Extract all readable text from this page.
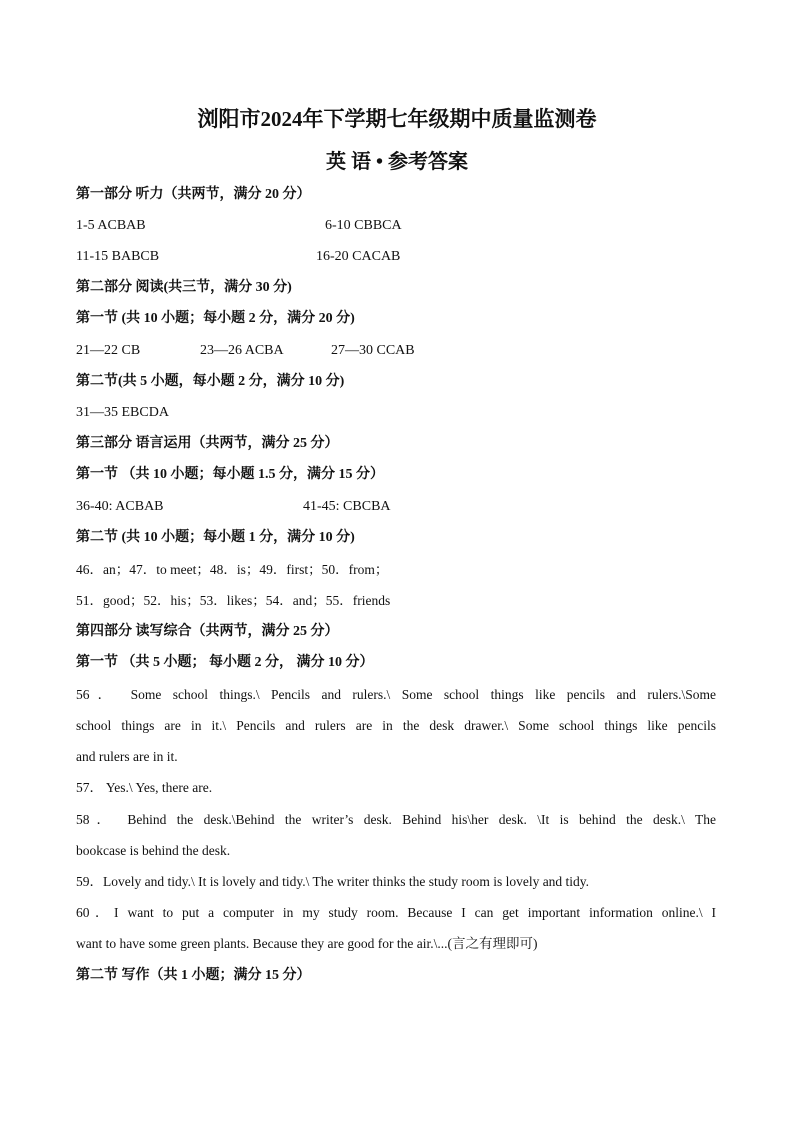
浏阳市2024年下学期七年级期中质量监测卷
英 语 • 参考答案
第一部分 听力（共两节，满分 20 分）
1-5 ACBAB	6-10 CBBCA
11-15 BABCB	16-20 CACAB
第二部分 阅读(共三节，满分 30 分)
第一节 (共 10 小题；每小题 2 分，满分 20 分)
21—22 CB	23—26 ACBA	27—30 CCAB
第二节(共 5 小题，每小题 2 分，满分 10 分)
31—35 EBCDA
第三部分 语言运用（共两节，满分 25 分）
第一节 （共 10 小题；每小题 1.5 分，满分 15 分）
36-40: ACBAB	41-45: CBCBA
第二节 (共 10 小题；每小题 1 分，满分 10 分)
46．an；47．to meet；48．is；49．first；50．from；
51．good；52．his；53．likes；54．and；55．friends
第四部分 读写综合（共两节，满分 25 分）
第一节 （共 5 小题； 每小题 2 分， 满分 10 分）
56． Some school things.\ Pencils and rulers.\ Some school things like pencils and rulers.\Some
school things are in it.\ Pencils and rulers are in the desk drawer.\ Some school things like pencils
and rulers are in it.
57． Yes.\ Yes, there are.
58． Behind the desk.\Behind the writer’s desk. Behind his\her desk. \It is behind the desk.\ The
bookcase is behind the desk.
59．Lovely and tidy.\ It is lovely and tidy.\ The writer thinks the study room is lovely and tidy.
60．I want to put a computer in my study room. Because I can get important information online.\ I
want to have some green plants. Because they are good for the air.\...(言之有理即可)
第二节 写作（共 1 小题；满分 15 分）
